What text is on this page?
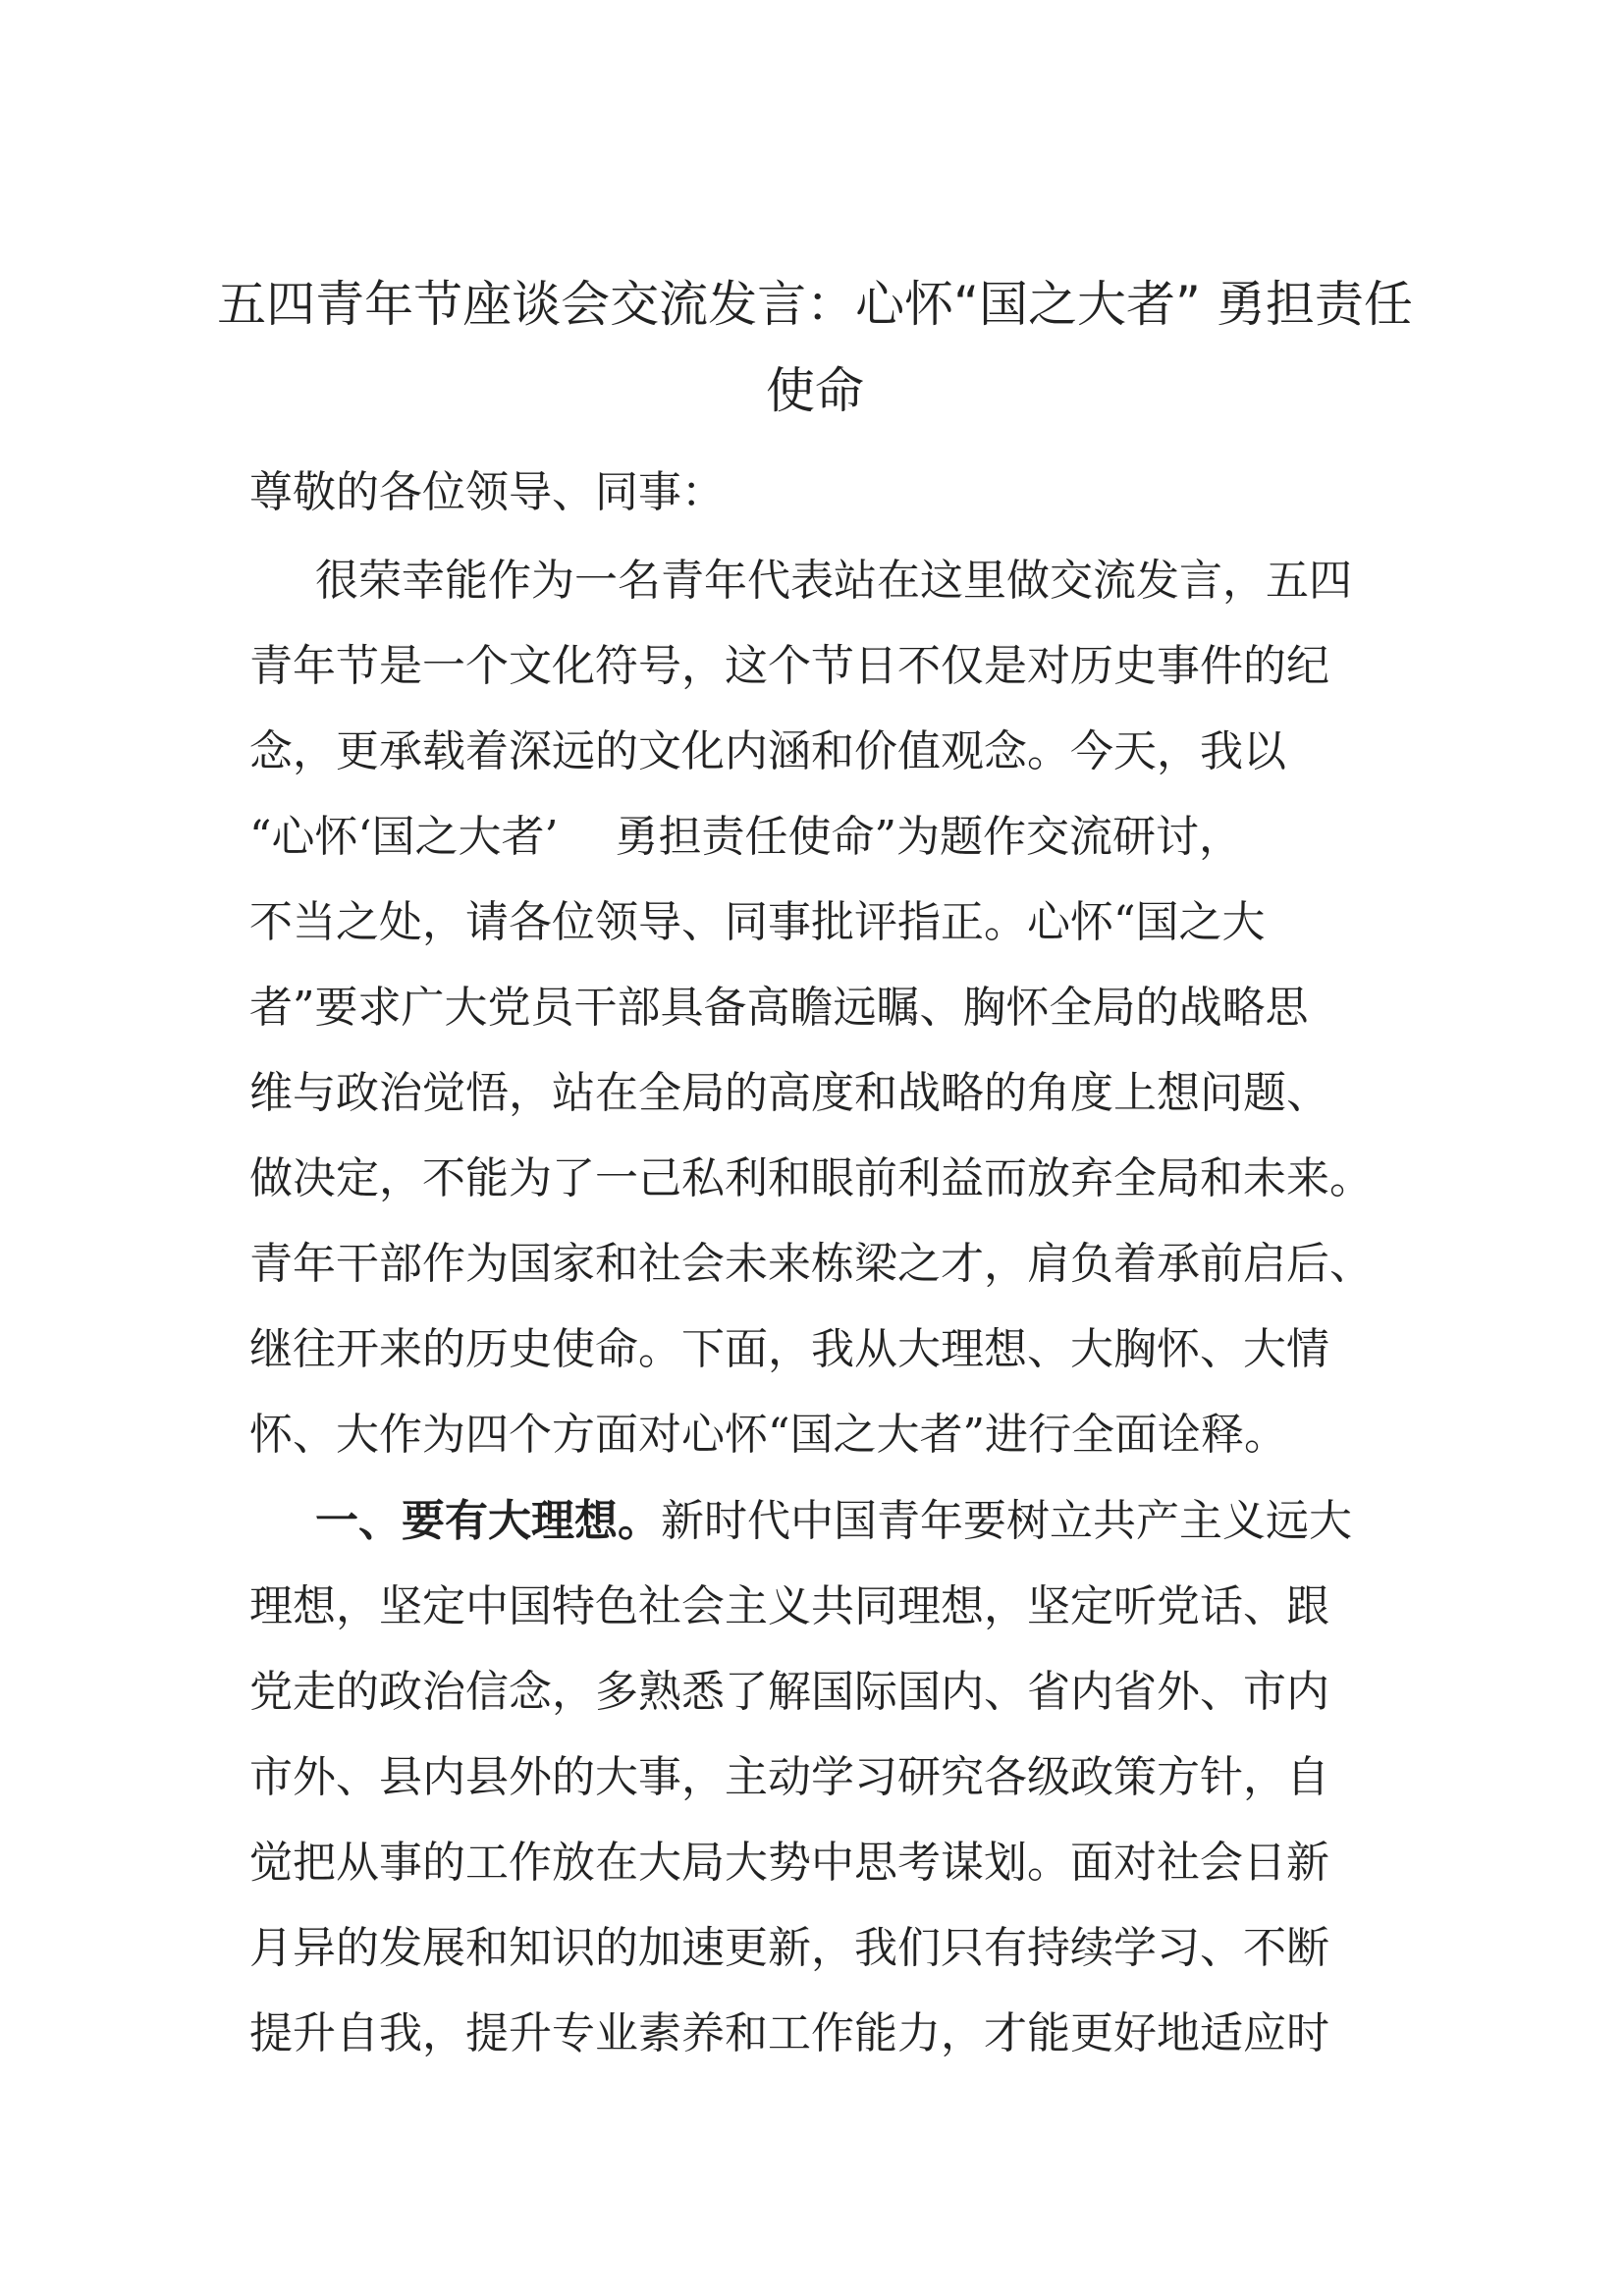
五四青年节座谈会交流发言：心怀“国之大者” 勇担责任
使命
尊敬的各位领导、同事：
很荣幸能作为一名青年代表站在这里做交流发言，五四
青年节是一个文化符号，这个节日不仅是对历史事件的纪
念，更承载着深远的文化内涵和价值观念。今天，我以
“心怀‘国之大者’　 勇担责任使命”为题作交流研讨，
不当之处，请各位领导、同事批评指正。心怀“国之大
者”要求广大党员干部具备高瞻远瞩、胸怀全局的战略思
维与政治觉悟，站在全局的高度和战略的角度上想问题、
做决定，不能为了一己私利和眼前利益而放弃全局和未来。
青年干部作为国家和社会未来栋梁之才，肩负着承前启后、
继往开来的历史使命。下面，我从大理想、大胸怀、大情
怀、大作为四个方面对心怀“国之大者”进行全面诠释。
一、要有大理想。新时代中国青年要树立共产主义远大
理想，坚定中国特色社会主义共同理想，坚定听党话、跟
党走的政治信念，多熟悉了解国际国内、省内省外、市内
市外、县内县外的大事，主动学习研究各级政策方针，自
觉把从事的工作放在大局大势中思考谋划。面对社会日新
月异的发展和知识的加速更新，我们只有持续学习、不断
提升自我，提升专业素养和工作能力，才能更好地适应时
